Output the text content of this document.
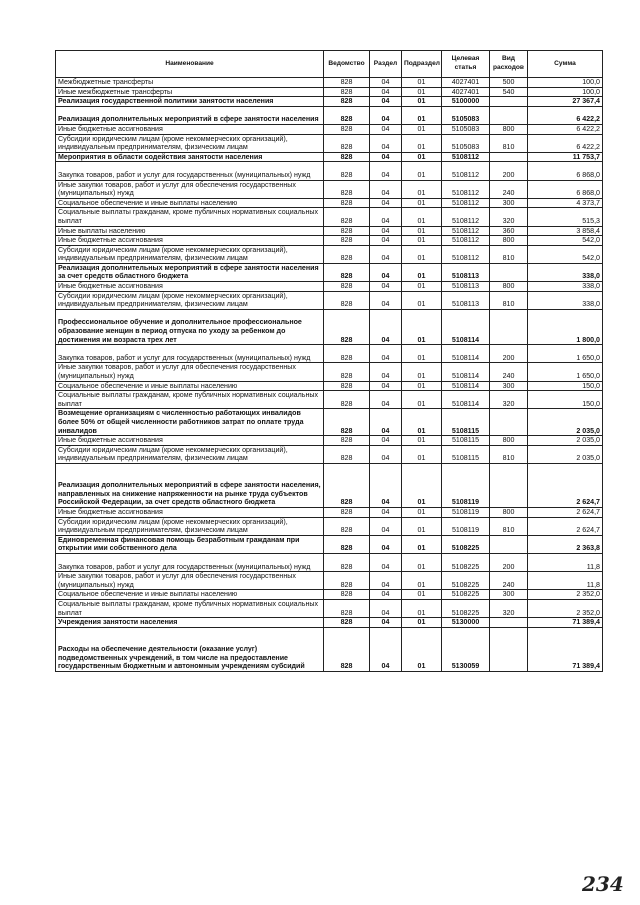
Наименование	Ведомство	Раздел	Подраздел	Целевая статья	Вид расходов	Сумма
Межбюджетные трансферты	828	04	01	4027401	500	100,0
Иные межбюджетные трансферты	828	04	01	4027401	540	100,0
Реализация государственной политики занятости населения	828	04	01	5100000		27 367,4
Реализация дополнительных мероприятий в сфере занятости населения	828	04	01	5105083		6 422,2
Иные бюджетные ассигнования	828	04	01	5105083	800	6 422,2
Субсидии юридическим лицам (кроме некоммерческих организаций), индивидуальным предпринимателям, физическим лицам	828	04	01	5105083	810	6 422,2
Мероприятия в области содействия занятости населения	828	04	01	5108112		11 753,7
Закупка товаров, работ и услуг для государственных (муниципальных) нужд	828	04	01	5108112	200	6 868,0
Иные закупки товаров, работ и услуг для обеспечения государственных (муниципальных) нужд	828	04	01	5108112	240	6 868,0
Социальное обеспечение и иные выплаты населению	828	04	01	5108112	300	4 373,7
Социальные выплаты гражданам, кроме публичных нормативных социальных выплат	828	04	01	5108112	320	515,3
Иные выплаты населению	828	04	01	5108112	360	3 858,4
Иные бюджетные ассигнования	828	04	01	5108112	800	542,0
Субсидии юридическим лицам (кроме некоммерческих организаций), индивидуальным предпринимателям, физическим лицам	828	04	01	5108112	810	542,0
Реализация дополнительных мероприятий в сфере занятости населения за счет средств областного бюджета	828	04	01	5108113		338,0
Иные бюджетные ассигнования	828	04	01	5108113	800	338,0
Субсидии юридическим лицам (кроме некоммерческих организаций), индивидуальным предпринимателям, физическим лицам	828	04	01	5108113	810	338,0
Профессиональное обучение и дополнительное профессиональное образование женщин в период отпуска по уходу за ребенком до достижения им возраста трех лет	828	04	01	5108114		1 800,0
Закупка товаров, работ и услуг для государственных (муниципальных) нужд	828	04	01	5108114	200	1 650,0
Иные закупки товаров, работ и услуг для обеспечения государственных (муниципальных) нужд	828	04	01	5108114	240	1 650,0
Социальное обеспечение и иные выплаты населению	828	04	01	5108114	300	150,0
Социальные выплаты гражданам, кроме публичных нормативных социальных выплат	828	04	01	5108114	320	150,0
Возмещение организациям с численностью работающих инвалидов более 50% от общей численности работников затрат по оплате труда инвалидов	828	04	01	5108115		2 035,0
Иные бюджетные ассигнования	828	04	01	5108115	800	2 035,0
Субсидии юридическим лицам (кроме некоммерческих организаций), индивидуальным предпринимателям, физическим лицам	828	04	01	5108115	810	2 035,0
Реализация дополнительных мероприятий в сфере занятости населения, направленных на снижение напряженности на рынке труда субъектов Российской Федерации, за счет средств областного бюджета	828	04	01	5108119		2 624,7
Иные бюджетные ассигнования	828	04	01	5108119	800	2 624,7
Субсидии юридическим лицам (кроме некоммерческих организаций), индивидуальным предпринимателям, физическим лицам	828	04	01	5108119	810	2 624,7
Единовременная финансовая помощь безработным гражданам при открытии ими собственного дела	828	04	01	5108225		2 363,8
Закупка товаров, работ и услуг для государственных (муниципальных) нужд	828	04	01	5108225	200	11,8
Иные закупки товаров, работ и услуг для обеспечения государственных (муниципальных) нужд	828	04	01	5108225	240	11,8
Социальное обеспечение и иные выплаты населению	828	04	01	5108225	300	2 352,0
Социальные выплаты гражданам, кроме публичных нормативных социальных выплат	828	04	01	5108225	320	2 352,0
Учреждения занятости населения	828	04	01	5130000		71 389,4
Расходы на обеспечение деятельности (оказание услуг) подведомственных учреждений, в том числе на предоставление государственным бюджетным и автономным учреждениям субсидий	828	04	01	5130059		71 389,4
234
